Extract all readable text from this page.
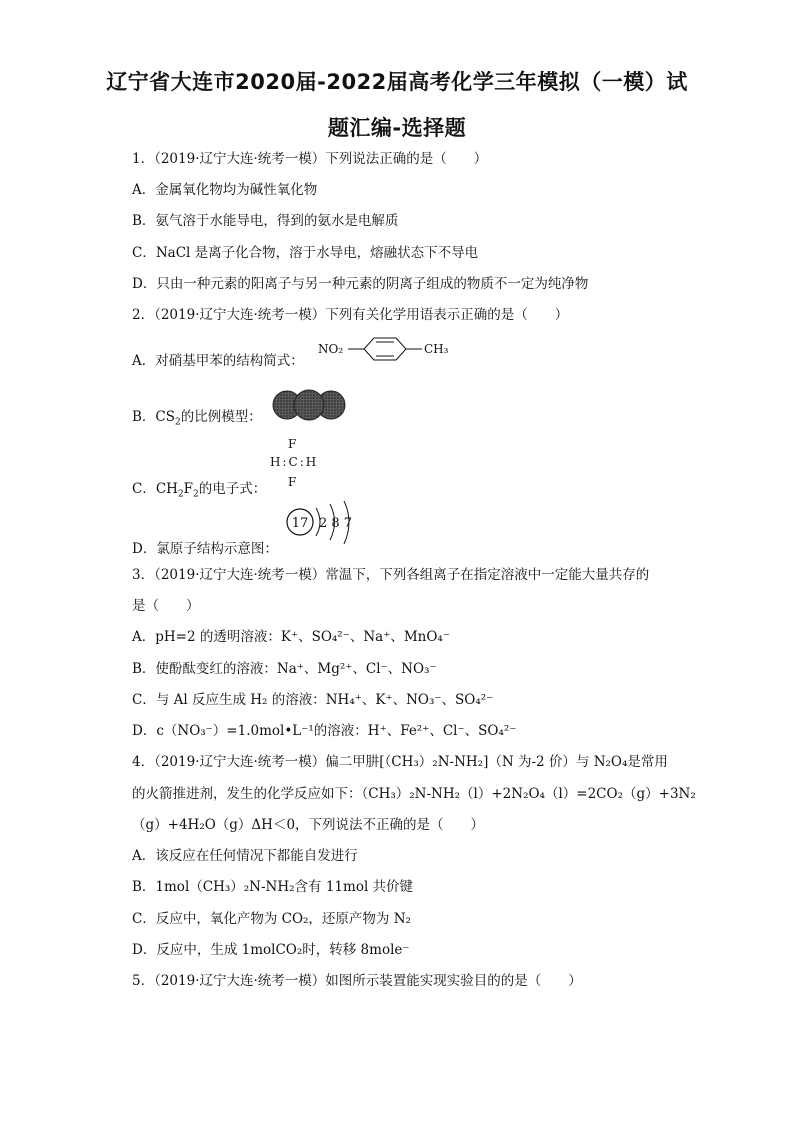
辽宁省大连市2020届-2022届高考化学三年模拟（一模）试
题汇编-选择题
1．（2019·辽宁大连·统考一模）下列说法正确的是（　　）
A．金属氧化物均为碱性氧化物
B．氨气溶于水能导电，得到的氨水是电解质
C．NaCl 是离子化合物，溶于水导电，熔融状态下不导电
D．只由一种元素的阳离子与另一种元素的阴离子组成的物质不一定为纯净物
2．（2019·辽宁大连·统考一模）下列有关化学用语表示正确的是（　　）
A．对硝基甲苯的结构简式：
NO₂	CH₃
B．$CS_2$的比例模型：
C．$CH_2F_2$的电子式：
F
H:C:H
F
D．氯原子结构示意图：
17 2 8 7
3．（2019·辽宁大连·统考一模）常温下，下列各组离子在指定溶液中一定能大量共存的
是（　　）
A．pH=2 的透明溶液：K⁺、SO₄²⁻、Na⁺、MnO₄⁻
B．使酚酞变红的溶液：Na⁺、Mg²⁺、Cl⁻、NO₃⁻
C．与 Al 反应生成 H₂ 的溶液：NH₄⁺、K⁺、NO₃⁻、SO₄²⁻
D．c（NO₃⁻）=1.0mol•L⁻¹的溶液：H⁺、Fe²⁺、Cl⁻、SO₄²⁻
4．（2019·辽宁大连·统考一模）偏二甲肼[（CH₃）₂N-NH₂]（N 为-2 价）与 N₂O₄是常用
的火箭推进剂，发生的化学反应如下：（CH₃）₂N-NH₂（l）+2N₂O₄（l）=2CO₂（g）+3N₂
（g）+4H₂O（g）ΔH＜0，下列说法不正确的是（　　）
A．该反应在任何情况下都能自发进行
B．1mol（CH₃）₂N-NH₂含有 11mol 共价键
C．反应中，氧化产物为 CO₂，还原产物为 N₂
D．反应中，生成 1molCO₂时，转移 8mole⁻
5．（2019·辽宁大连·统考一模）如图所示装置能实现实验目的的是（　　）
